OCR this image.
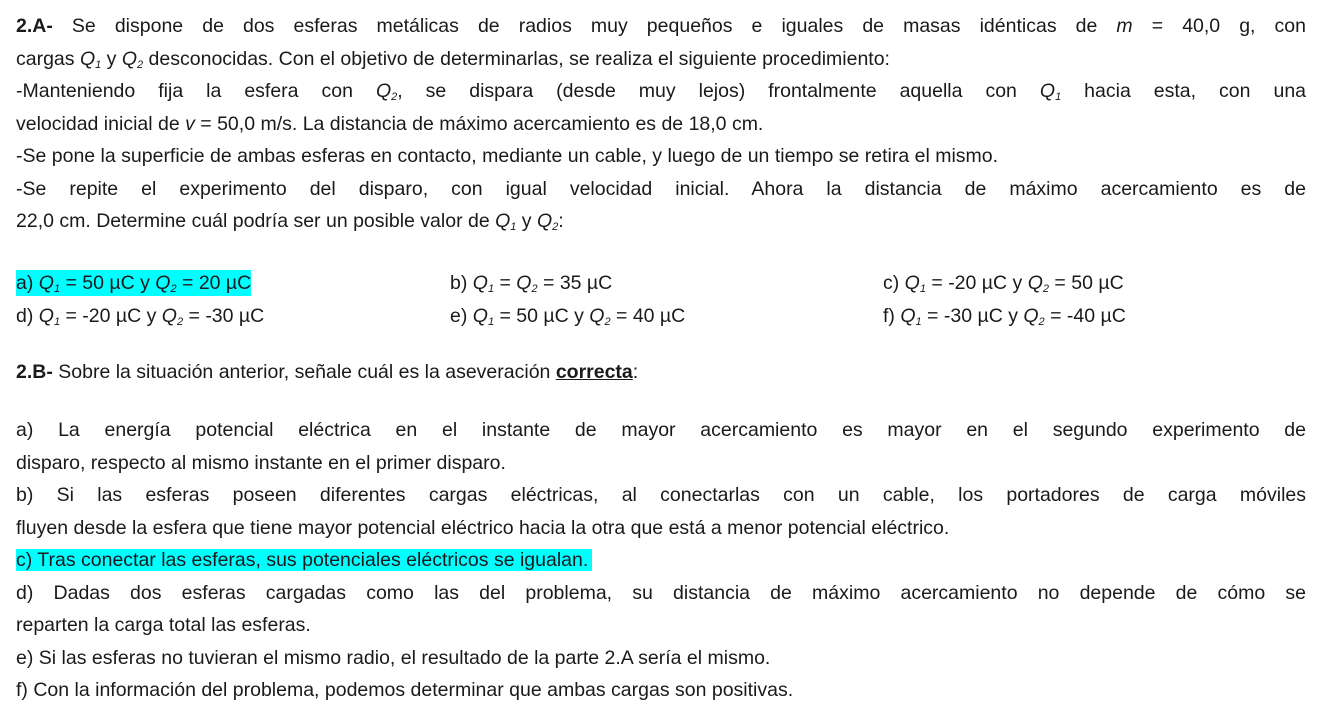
2.A- Se dispone de dos esferas metálicas de radios muy pequeños e iguales de masas idénticas de m = 40,0 g, con
cargas $Q_1$ y $Q_2$ desconocidas. Con el objetivo de determinarlas, se realiza el siguiente procedimiento:
-Manteniendo fija la esfera con $Q_2$, se dispara (desde muy lejos) frontalmente aquella con $Q_1$ hacia esta, con una
velocidad inicial de v = 50,0 m/s. La distancia de máximo acercamiento es de 18,0 cm.
-Se pone la superficie de ambas esferas en contacto, mediante un cable, y luego de un tiempo se retira el mismo.
-Se repite el experimento del disparo, con igual velocidad inicial. Ahora la distancia de máximo acercamiento es de
22,0 cm. Determine cuál podría ser un posible valor de $Q_1$ y $Q_2$:
a) $Q_1 = 50$ µC y $Q_2 = 20$ µC	b) $Q_1 = Q_2 = 35$ µC	c) $Q_1 = -20$ µC y $Q_2 = 50$ µC
d) $Q_1 = -20$ µC y $Q_2 = -30$ µC	e) $Q_1 = 50$ µC y $Q_2 = 40$ µC	f) $Q_1 = -30$ µC y $Q_2 = -40$ µC
2.B- Sobre la situación anterior, señale cuál es la aseveración correcta:
a) La energía potencial eléctrica en el instante de mayor acercamiento es mayor en el segundo experimento de
disparo, respecto al mismo instante en el primer disparo.
b) Si las esferas poseen diferentes cargas eléctricas, al conectarlas con un cable, los portadores de carga móviles
fluyen desde la esfera que tiene mayor potencial eléctrico hacia la otra que está a menor potencial eléctrico.
c) Tras conectar las esferas, sus potenciales eléctricos se igualan.
d) Dadas dos esferas cargadas como las del problema, su distancia de máximo acercamiento no depende de cómo se
reparten la carga total las esferas.
e) Si las esferas no tuvieran el mismo radio, el resultado de la parte 2.A sería el mismo.
f) Con la información del problema, podemos determinar que ambas cargas son positivas.
